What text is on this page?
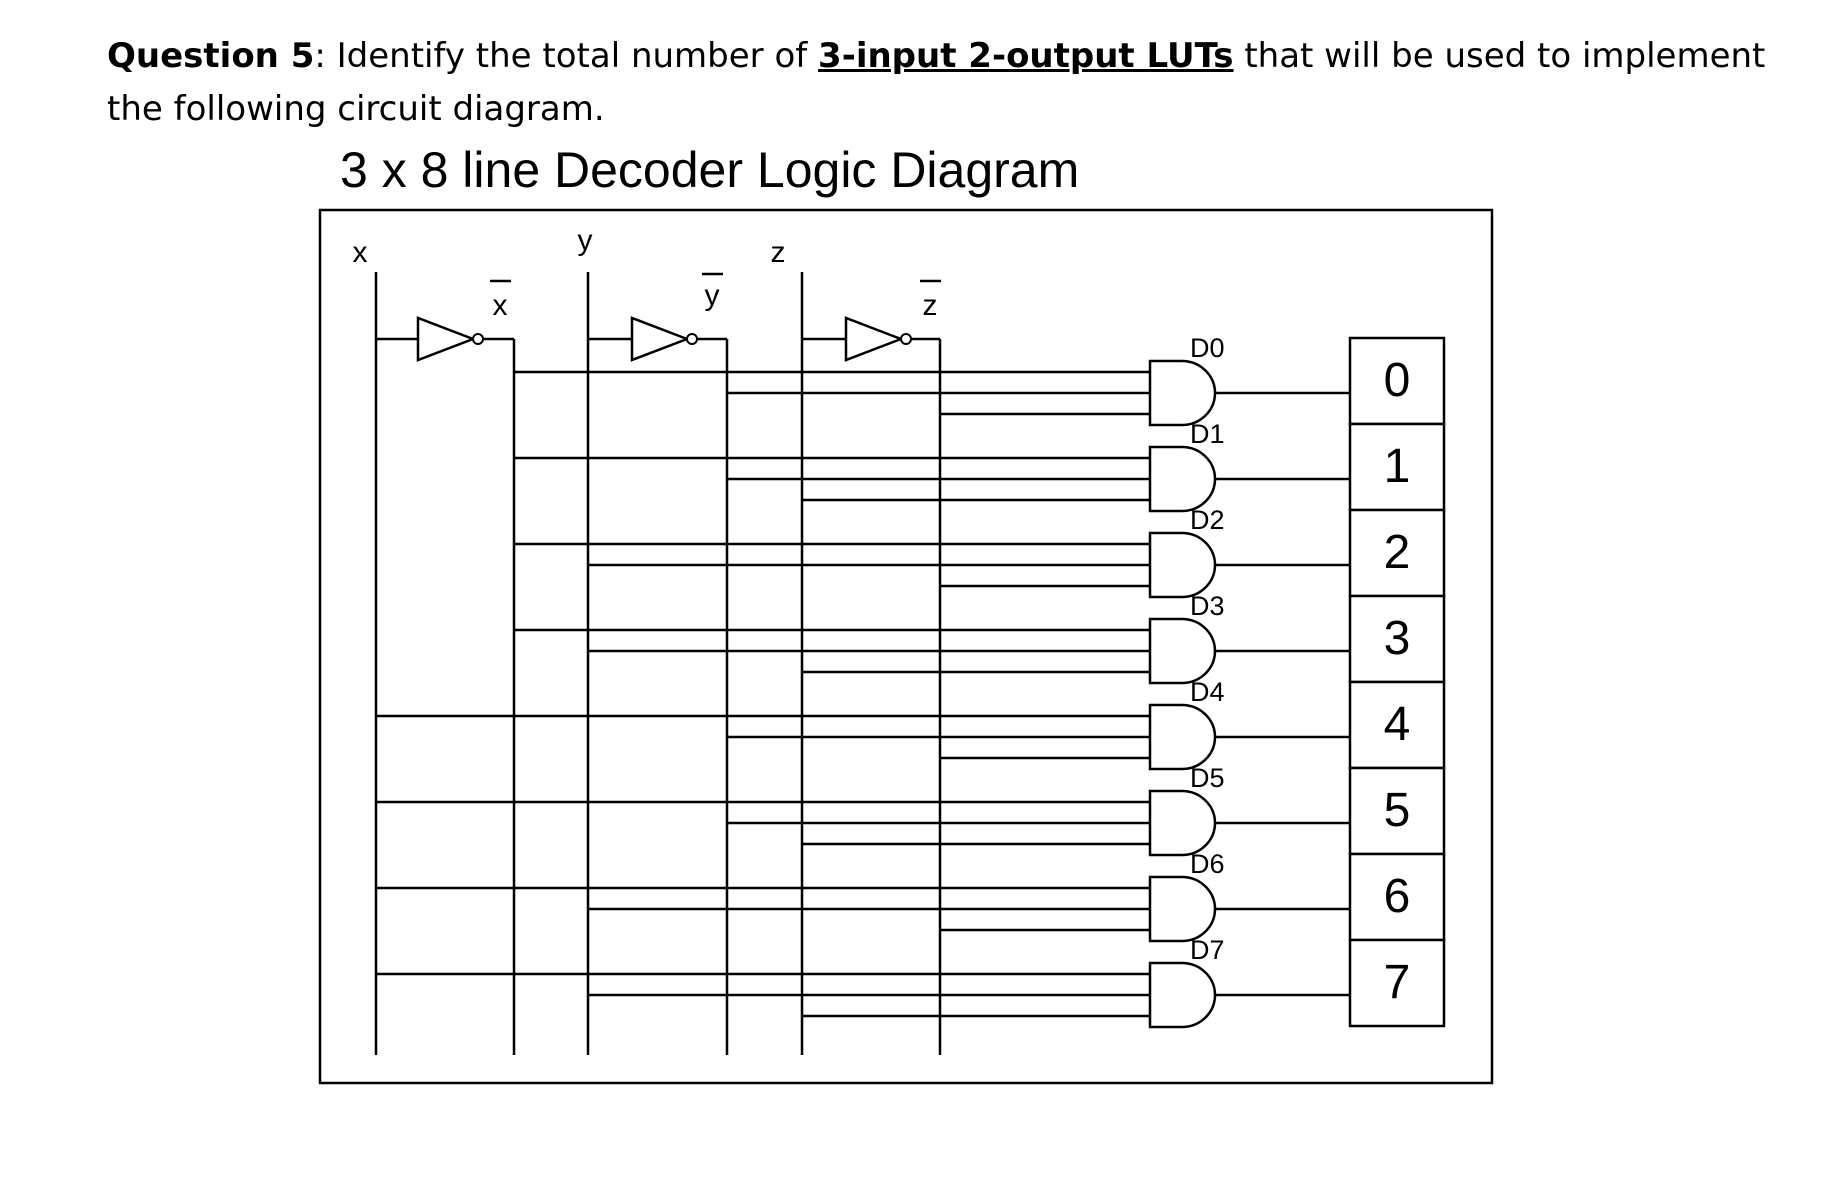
Question 5: Identify the total number of 3-input 2-output LUTs that will be used to implement the following circuit diagram.
3 x 8 line Decoder Logic Diagram
x	y	z
x	y	z
D0
D1
D2
D3
D4
D5
D6
D7
0
1
2
3
4
5
6
7
